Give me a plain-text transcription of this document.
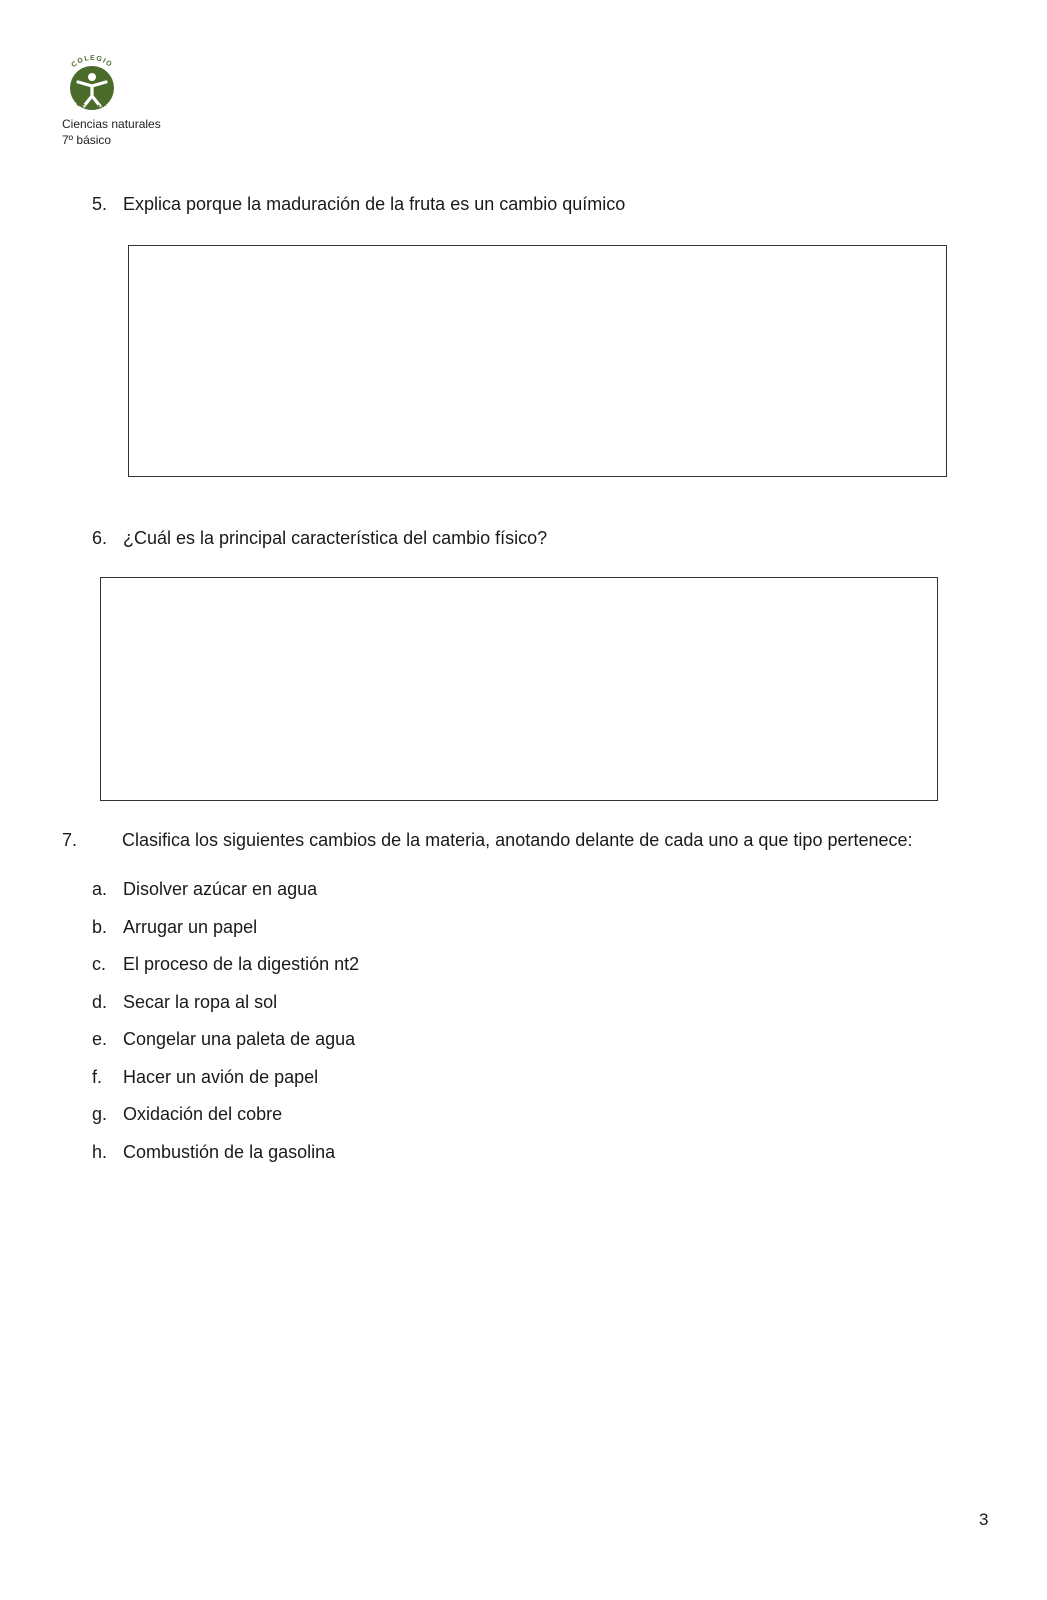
COLEGIO
ETIEVAN
Ciencias naturales
7º básico
5. Explica porque la maduración de la fruta es un cambio químico
6. ¿Cuál es la principal característica del cambio físico?
7. Clasifica los siguientes cambios de la materia, anotando delante de cada uno a que tipo pertenece:
a. Disolver azúcar en agua
b. Arrugar un papel
c. El proceso de la digestión nt2
d. Secar la ropa al sol
e. Congelar una paleta de agua
f. Hacer un avión de papel
g. Oxidación del cobre
h. Combustión de la gasolina
3
